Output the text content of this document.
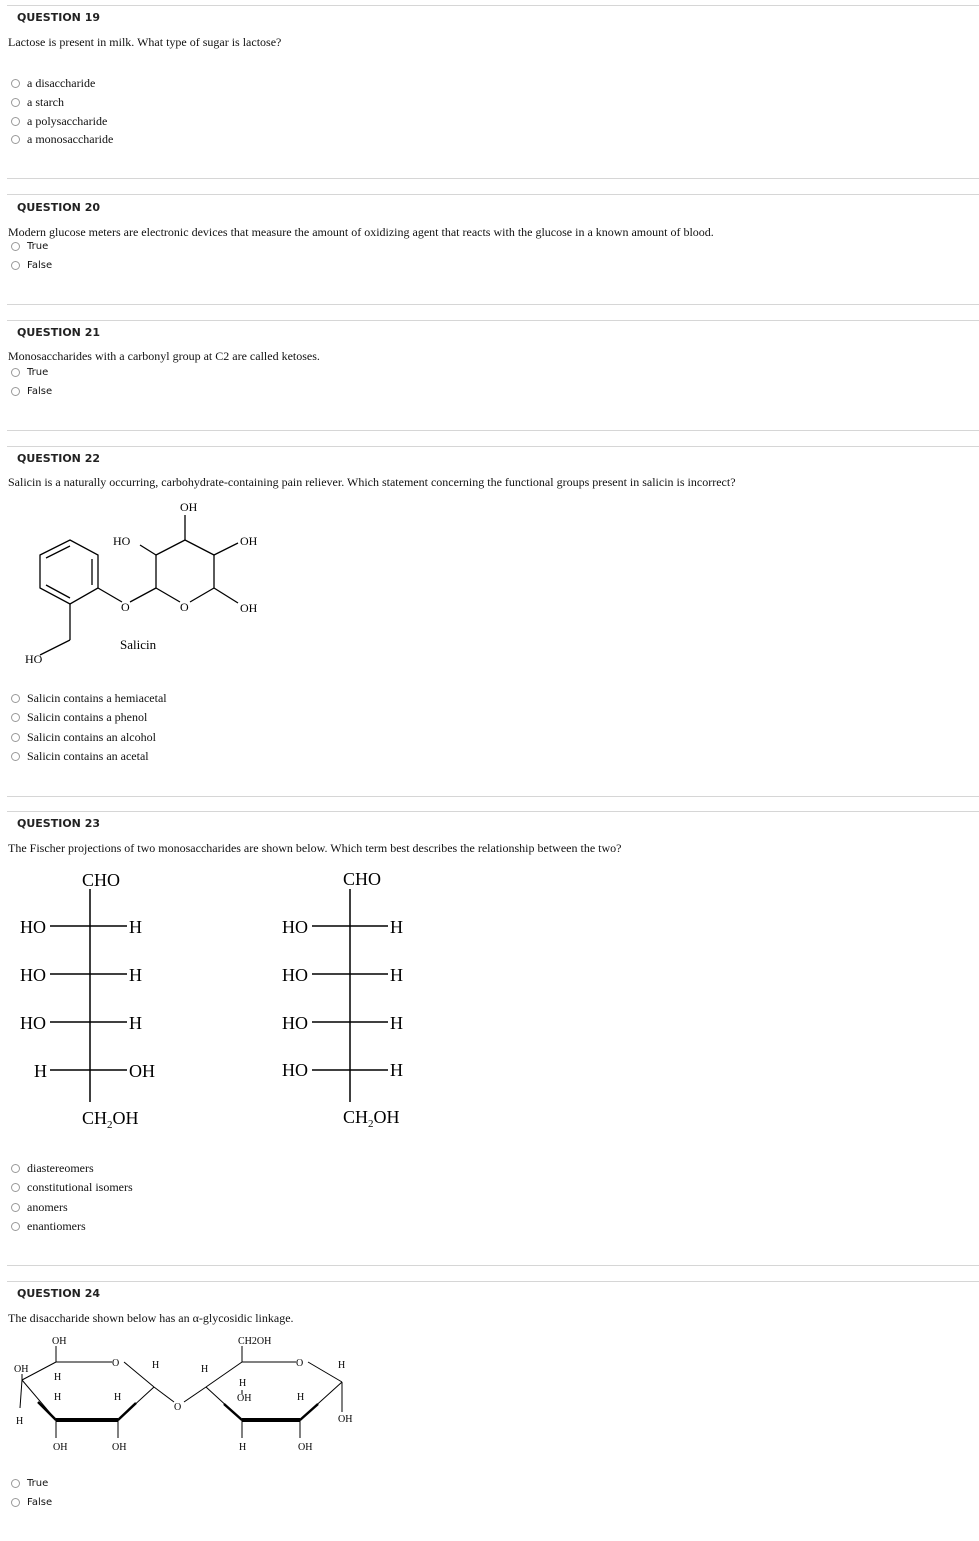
QUESTION 19
Lactose is present in milk. What type of sugar is lactose?
a disaccharide
a starch
a polysaccharide
a monosaccharide
QUESTION 20
Modern glucose meters are electronic devices that measure the amount of oxidizing agent that reacts with the glucose in a known amount of blood.
True
False
QUESTION 21
Monosaccharides with a carbonyl group at C2 are called ketoses.
True
False
QUESTION 22
Salicin is a naturally occurring, carbohydrate-containing pain reliever. Which statement concerning the functional groups present in salicin is incorrect?
OH
HO	OH
OH
O	O
HO
Salicin
Salicin contains a hemiacetal
Salicin contains a phenol
Salicin contains an alcohol
Salicin contains an acetal
QUESTION 23
The Fischer projections of two monosaccharides are shown below. Which term best describes the relationship between the two?
CHO
HO	H
HO	H
HO	H
H	OH
$CH_2OH$
CHO
HO	H
HO	H
HO	H
HO	H
$CH_2OH$
diastereomers
constitutional isomers
anomers
enantiomers
QUESTION 24
The disaccharide shown below has an α-glycosidic linkage.
OH
OH
H
H
H	H
H
O
OH	OH
O
CH2OH
H
H
OH	H
O	H
OH
H	OH
True
False
